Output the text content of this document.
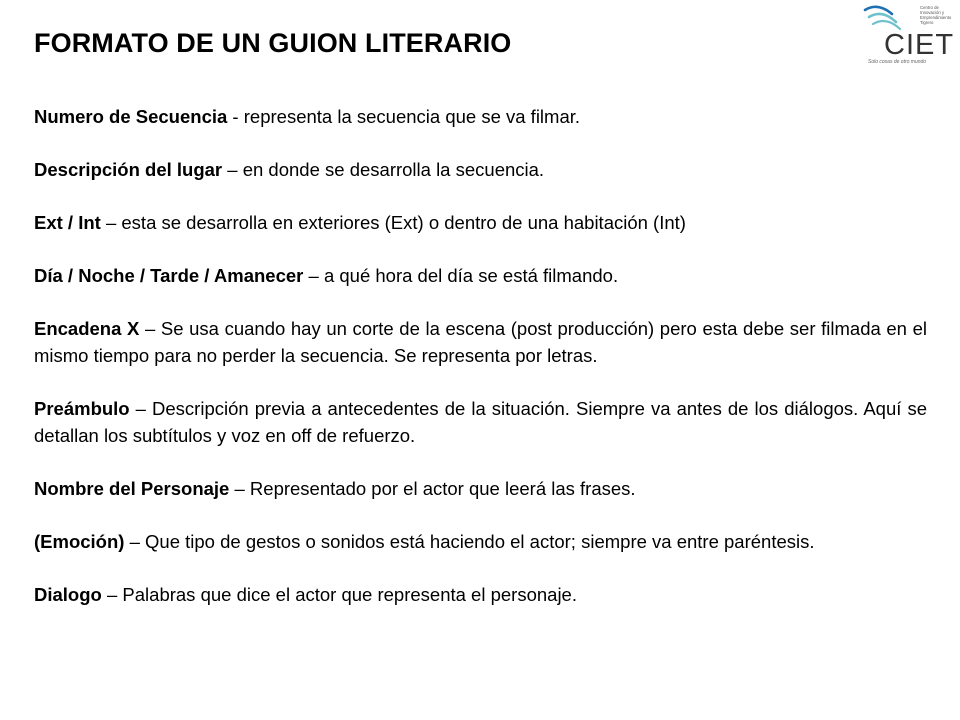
FORMATO DE UN GUION LITERARIO
Centro de
Innovación y
Emprendimiento
Tigrero
CIET
Solo cosas de otro mundo
Numero de Secuencia - representa la secuencia que se va filmar.
Descripción del lugar – en donde se desarrolla la secuencia.
Ext / Int – esta se desarrolla en exteriores (Ext) o dentro de una habitación (Int)
Día / Noche / Tarde / Amanecer – a qué hora del día se está filmando.
Encadena X – Se usa cuando hay un corte de la escena (post producción) pero esta debe ser filmada en el mismo tiempo para no perder la secuencia. Se representa por letras.
Preámbulo – Descripción previa a antecedentes de la situación. Siempre va antes de los diálogos. Aquí se detallan los subtítulos y voz en off de refuerzo.
Nombre del Personaje – Representado por el actor que leerá las frases.
(Emoción) – Que tipo de gestos o sonidos está haciendo el actor; siempre va entre paréntesis.
Dialogo – Palabras que dice el actor que representa el personaje.
